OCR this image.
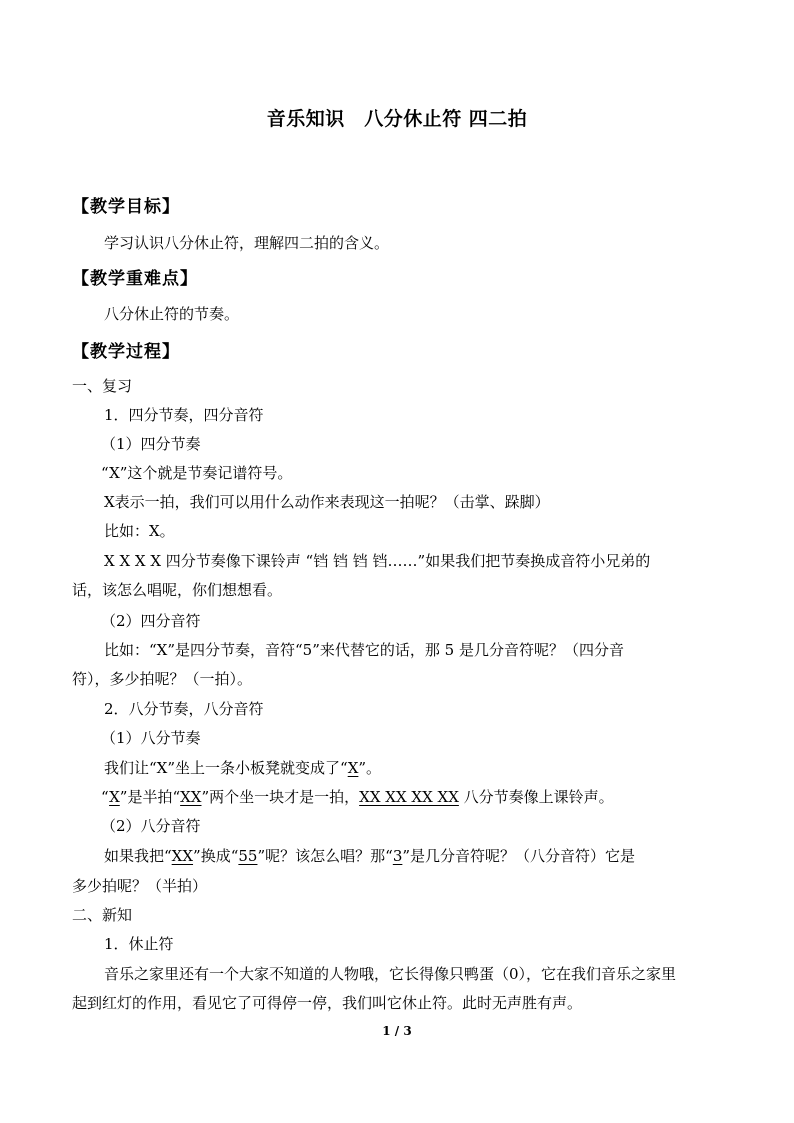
音乐知识　八分休止符 四二拍
【教学目标】
学习认识八分休止符，理解四二拍的含义。
【教学重难点】
八分休止符的节奏。
【教学过程】
一、复习
1．四分节奏，四分音符
（1）四分节奏
“X”这个就是节奏记谱符号。
X表示一拍，我们可以用什么动作来表现这一拍呢？（击掌、跺脚）
比如：X。
X X X X 四分节奏像下课铃声 “铛 铛 铛 铛……”如果我们把节奏换成音符小兄弟的
话，该怎么唱呢，你们想想看。
（2）四分音符
比如：“X”是四分节奏，音符“5”来代替它的话，那 5 是几分音符呢？（四分音
符），多少拍呢？（一拍）。
2．八分节奏，八分音符
（1）八分节奏
我们让“X”坐上一条小板凳就变成了“X”。
“X”是半拍“XX”两个坐一块才是一拍，XX XX XX XX 八分节奏像上课铃声。
（2）八分音符
如果我把“XX”换成“55”呢？该怎么唱？那“3”是几分音符呢？（八分音符）它是
多少拍呢？（半拍）
二、新知
1．休止符
音乐之家里还有一个大家不知道的人物哦，它长得像只鸭蛋（0），它在我们音乐之家里
起到红灯的作用，看见它了可得停一停，我们叫它休止符。此时无声胜有声。
1 / 3
